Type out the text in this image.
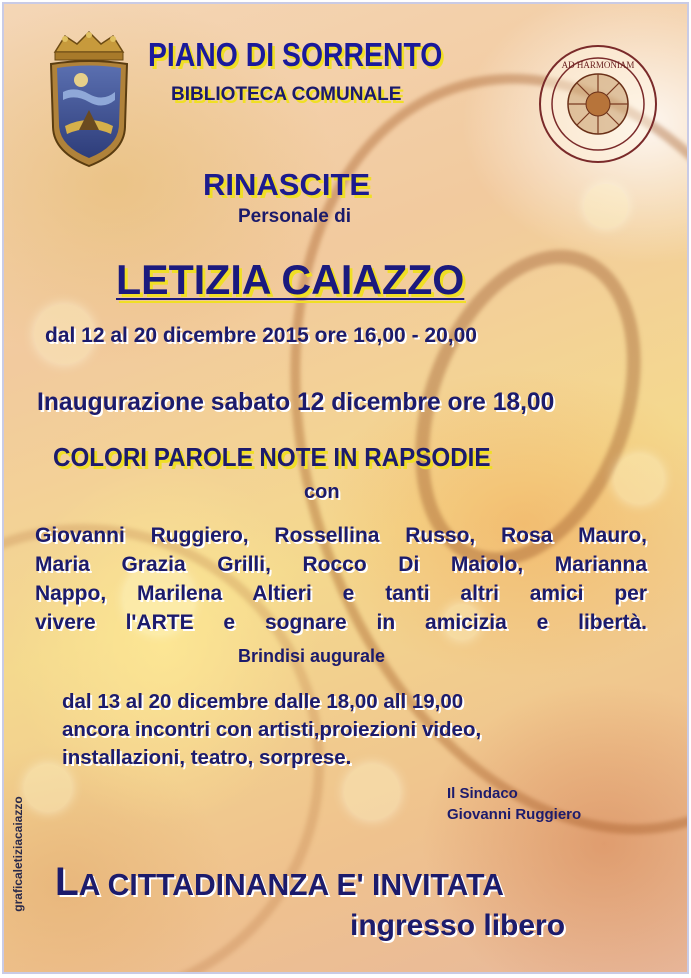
AD HARMONIAM

PIANO DI SORRENTO

BIBLIOTECA COMUNALE

RINASCITE

Personale di

LETIZIA CAIAZZO

dal 12 al 20 dicembre 2015 ore 16,00 - 20,00

Inaugurazione sabato 12 dicembre ore 18,00

COLORI PAROLE NOTE IN RAPSODIE

con

Giovanni Ruggiero, Rossellina Russo, Rosa Mauro,
Maria Grazia Grilli, Rocco Di Maiolo, Marianna
Nappo, Marilena Altieri e tanti altri amici per
vivere l'ARTE e sognare in amicizia e libertà.

Brindisi augurale

dal 13 al 20 dicembre dalle 18,00 all 19,00
ancora incontri con artisti,proiezioni video,
installazioni, teatro, sorprese.

Il Sindaco
Giovanni Ruggiero

LA CITTADINANZA E' INVITATA

ingresso libero

graficaletiziacaiazzo
